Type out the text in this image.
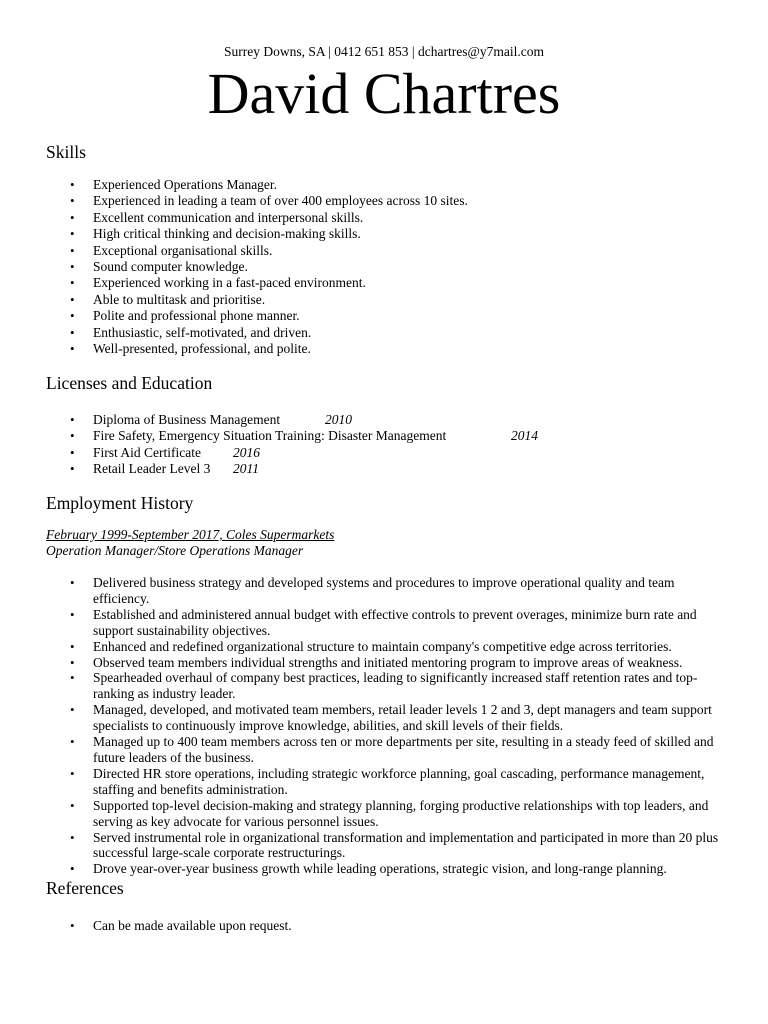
Surrey Downs, SA | 0412 651 853 | dchartres@y7mail.com
David Chartres
Skills
• Experienced Operations Manager.
• Experienced in leading a team of over 400 employees across 10 sites.
• Excellent communication and interpersonal skills.
• High critical thinking and decision-making skills.
• Exceptional organisational skills.
• Sound computer knowledge.
• Experienced working in a fast-paced environment.
• Able to multitask and prioritise.
• Polite and professional phone manner.
• Enthusiastic, self-motivated, and driven.
• Well-presented, professional, and polite.
Licenses and Education
• Diploma of Business Management	2010
• Fire Safety, Emergency Situation Training: Disaster Management	2014
• First Aid Certificate 2016
• Retail Leader Level 3 2011
Employment History
February 1999-September 2017, Coles Supermarkets
Operation Manager/Store Operations Manager
• Delivered business strategy and developed systems and procedures to improve operational quality and team efficiency.
• Established and administered annual budget with effective controls to prevent overages, minimize burn rate and support sustainability objectives.
• Enhanced and redefined organizational structure to maintain company's competitive edge across territories.
• Observed team members individual strengths and initiated mentoring program to improve areas of weakness.
• Spearheaded overhaul of company best practices, leading to significantly increased staff retention rates and top-ranking as industry leader.
• Managed, developed, and motivated team members, retail leader levels 1 2 and 3, dept managers and team support specialists to continuously improve knowledge, abilities, and skill levels of their fields.
• Managed up to 400 team members across ten or more departments per site, resulting in a steady feed of skilled and future leaders of the business.
• Directed HR store operations, including strategic workforce planning, goal cascading, performance management, staffing and benefits administration.
• Supported top-level decision-making and strategy planning, forging productive relationships with top leaders, and serving as key advocate for various personnel issues.
• Served instrumental role in organizational transformation and implementation and participated in more than 20 plus successful large-scale corporate restructurings.
• Drove year-over-year business growth while leading operations, strategic vision, and long-range planning.
References
• Can be made available upon request.
